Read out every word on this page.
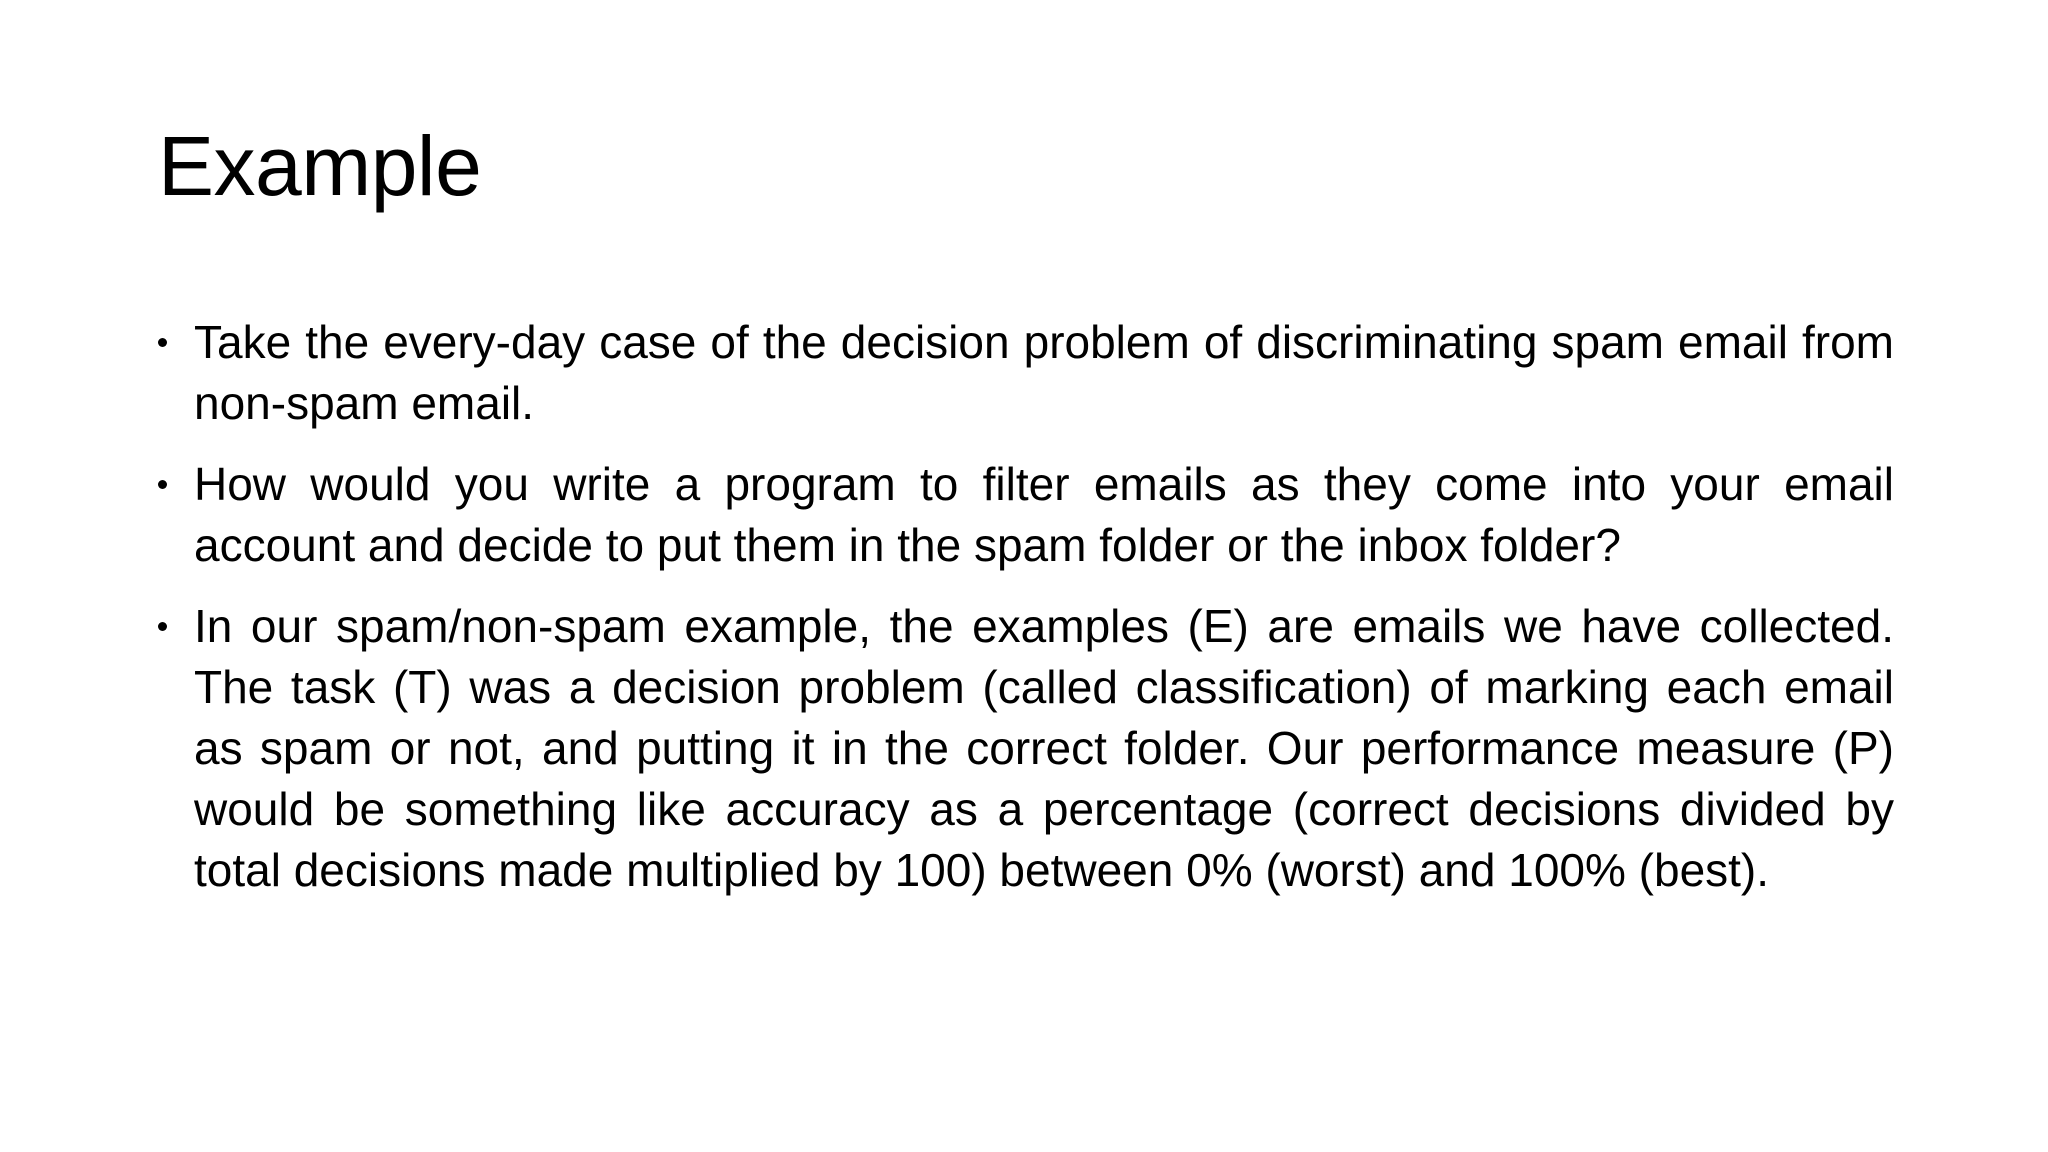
Example
Take the every-day case of the decision problem of discriminating spam email from non-spam email.
How would you write a program to filter emails as they come into your email account and decide to put them in the spam folder or the inbox folder?
In our spam/non-spam example, the examples (E) are emails we have collected. The task (T) was a decision problem (called classification) of marking each email as spam or not, and putting it in the correct folder. Our performance measure (P) would be something like accuracy as a percentage (correct decisions divided by total decisions made multiplied by 100) between 0% (worst) and 100% (best).
